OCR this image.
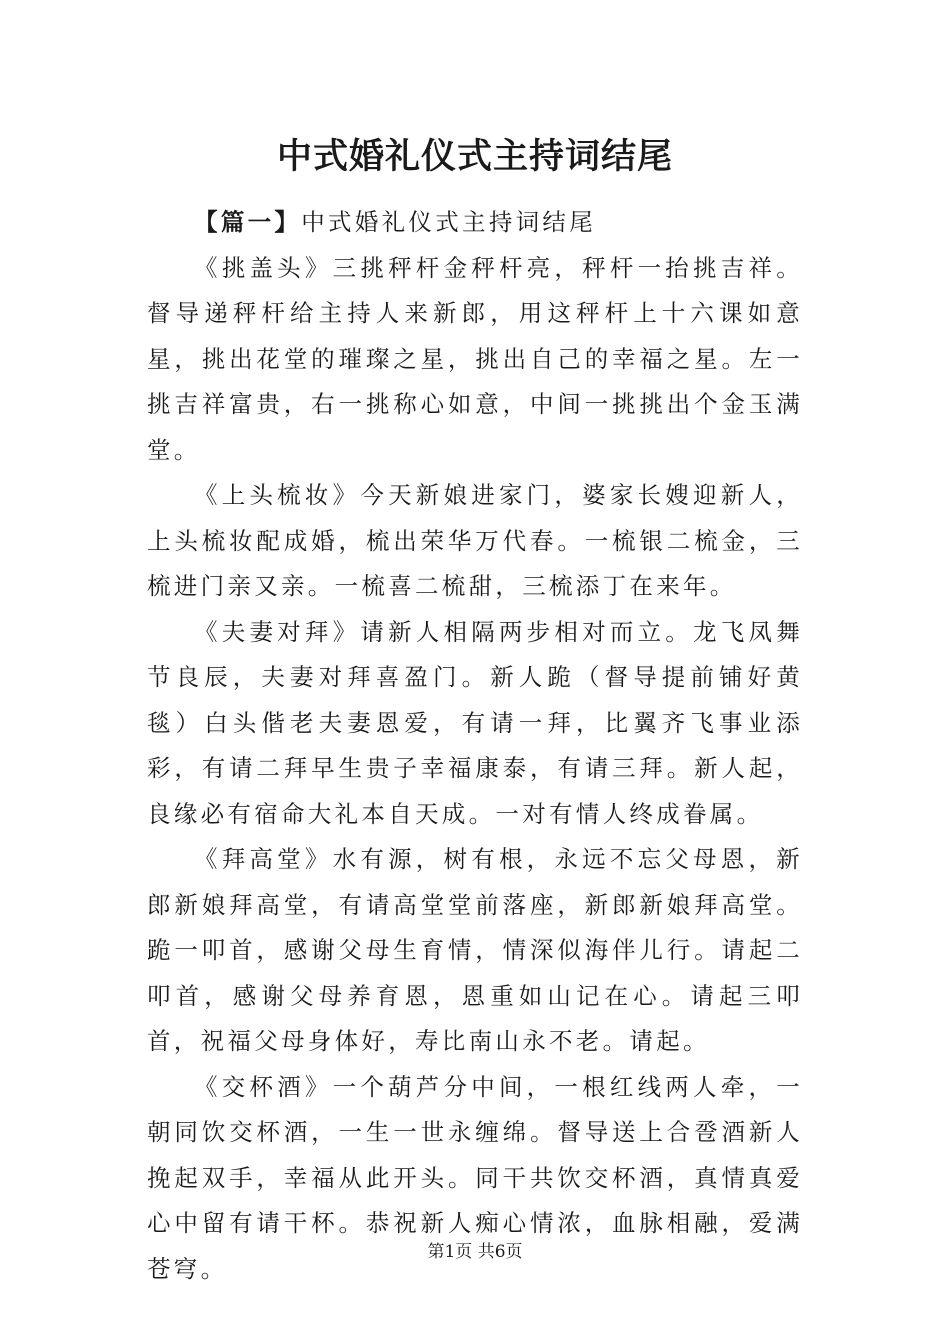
中式婚礼仪式主持词结尾

【篇一】中式婚礼仪式主持词结尾

《挑盖头》三挑秤杆金秤杆亮，秤杆一抬挑吉祥。督导递秤杆给主持人来新郎，用这秤杆上十六课如意星，挑出花堂的璀璨之星，挑出自己的幸福之星。左一挑吉祥富贵，右一挑称心如意，中间一挑挑出个金玉满堂。

《上头梳妆》今天新娘进家门，婆家长嫂迎新人，上头梳妆配成婚，梳出荣华万代春。一梳银二梳金，三梳进门亲又亲。一梳喜二梳甜，三梳添丁在来年。

《夫妻对拜》请新人相隔两步相对而立。龙飞凤舞节良辰，夫妻对拜喜盈门。新人跪（督导提前铺好黄毯）白头偕老夫妻恩爱，有请一拜，比翼齐飞事业添彩，有请二拜早生贵子幸福康泰，有请三拜。新人起，良缘必有宿命大礼本自天成。一对有情人终成眷属。

《拜高堂》水有源，树有根，永远不忘父母恩，新郎新娘拜高堂，有请高堂堂前落座，新郎新娘拜高堂。跪一叩首，感谢父母生育情，情深似海伴儿行。请起二叩首，感谢父母养育恩，恩重如山记在心。请起三叩首，祝福父母身体好，寿比南山永不老。请起。

《交杯酒》一个葫芦分中间，一根红线两人牵，一朝同饮交杯酒，一生一世永缠绵。督导送上合卺酒新人挽起双手，幸福从此开头。同干共饮交杯酒，真情真爱心中留有请干杯。恭祝新人痴心情浓，血脉相融，爱满苍穹。

第1页 共6页
